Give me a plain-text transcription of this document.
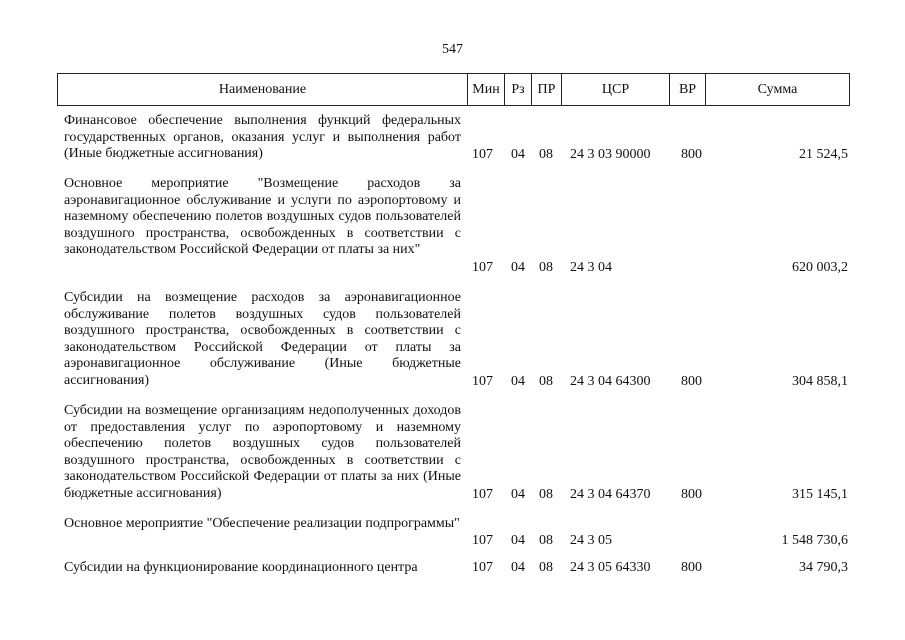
547
Наименование	Мин Рз ПР	ЦСР	ВР	Сумма
Финансовое обеспечение выполнения функций федеральных государственных органов, оказания услуг и выполнения работ (Иные бюджетные ассигнования)	107 04 08 24 3 03 90000 800	21 524,5
Основное мероприятие "Возмещение расходов за аэронавигационное обслуживание и услуги по аэропортовому и наземному обеспечению полетов воздушных судов пользователей воздушного пространства, освобожденных в соответствии с законодательством Российской Федерации от платы за них"
107 04 08 24 3 04	620 003,2
Субсидии на возмещение расходов за аэронавигационное обслуживание полетов воздушных судов пользователей воздушного пространства, освобожденных в соответствии с законодательством Российской Федерации от платы за аэронавигационное обслуживание (Иные бюджетные ассигнования)	107 04 08 24 3 04 64300 800	304 858,1
Субсидии на возмещение организациям недополученных доходов от предоставления услуг по аэропортовому и наземному обеспечению полетов воздушных судов пользователей воздушного пространства, освобожденных в соответствии с законодательством Российской Федерации от платы за них (Иные бюджетные ассигнования)	107 04 08 24 3 04 64370 800	315 145,1
Основное мероприятие "Обеспечение реализации подпрограммы"
107 04 08 24 3 05	1 548 730,6
Субсидии на функционирование координационного центра	107 04 08 24 3 05 64330 800	34 790,3
